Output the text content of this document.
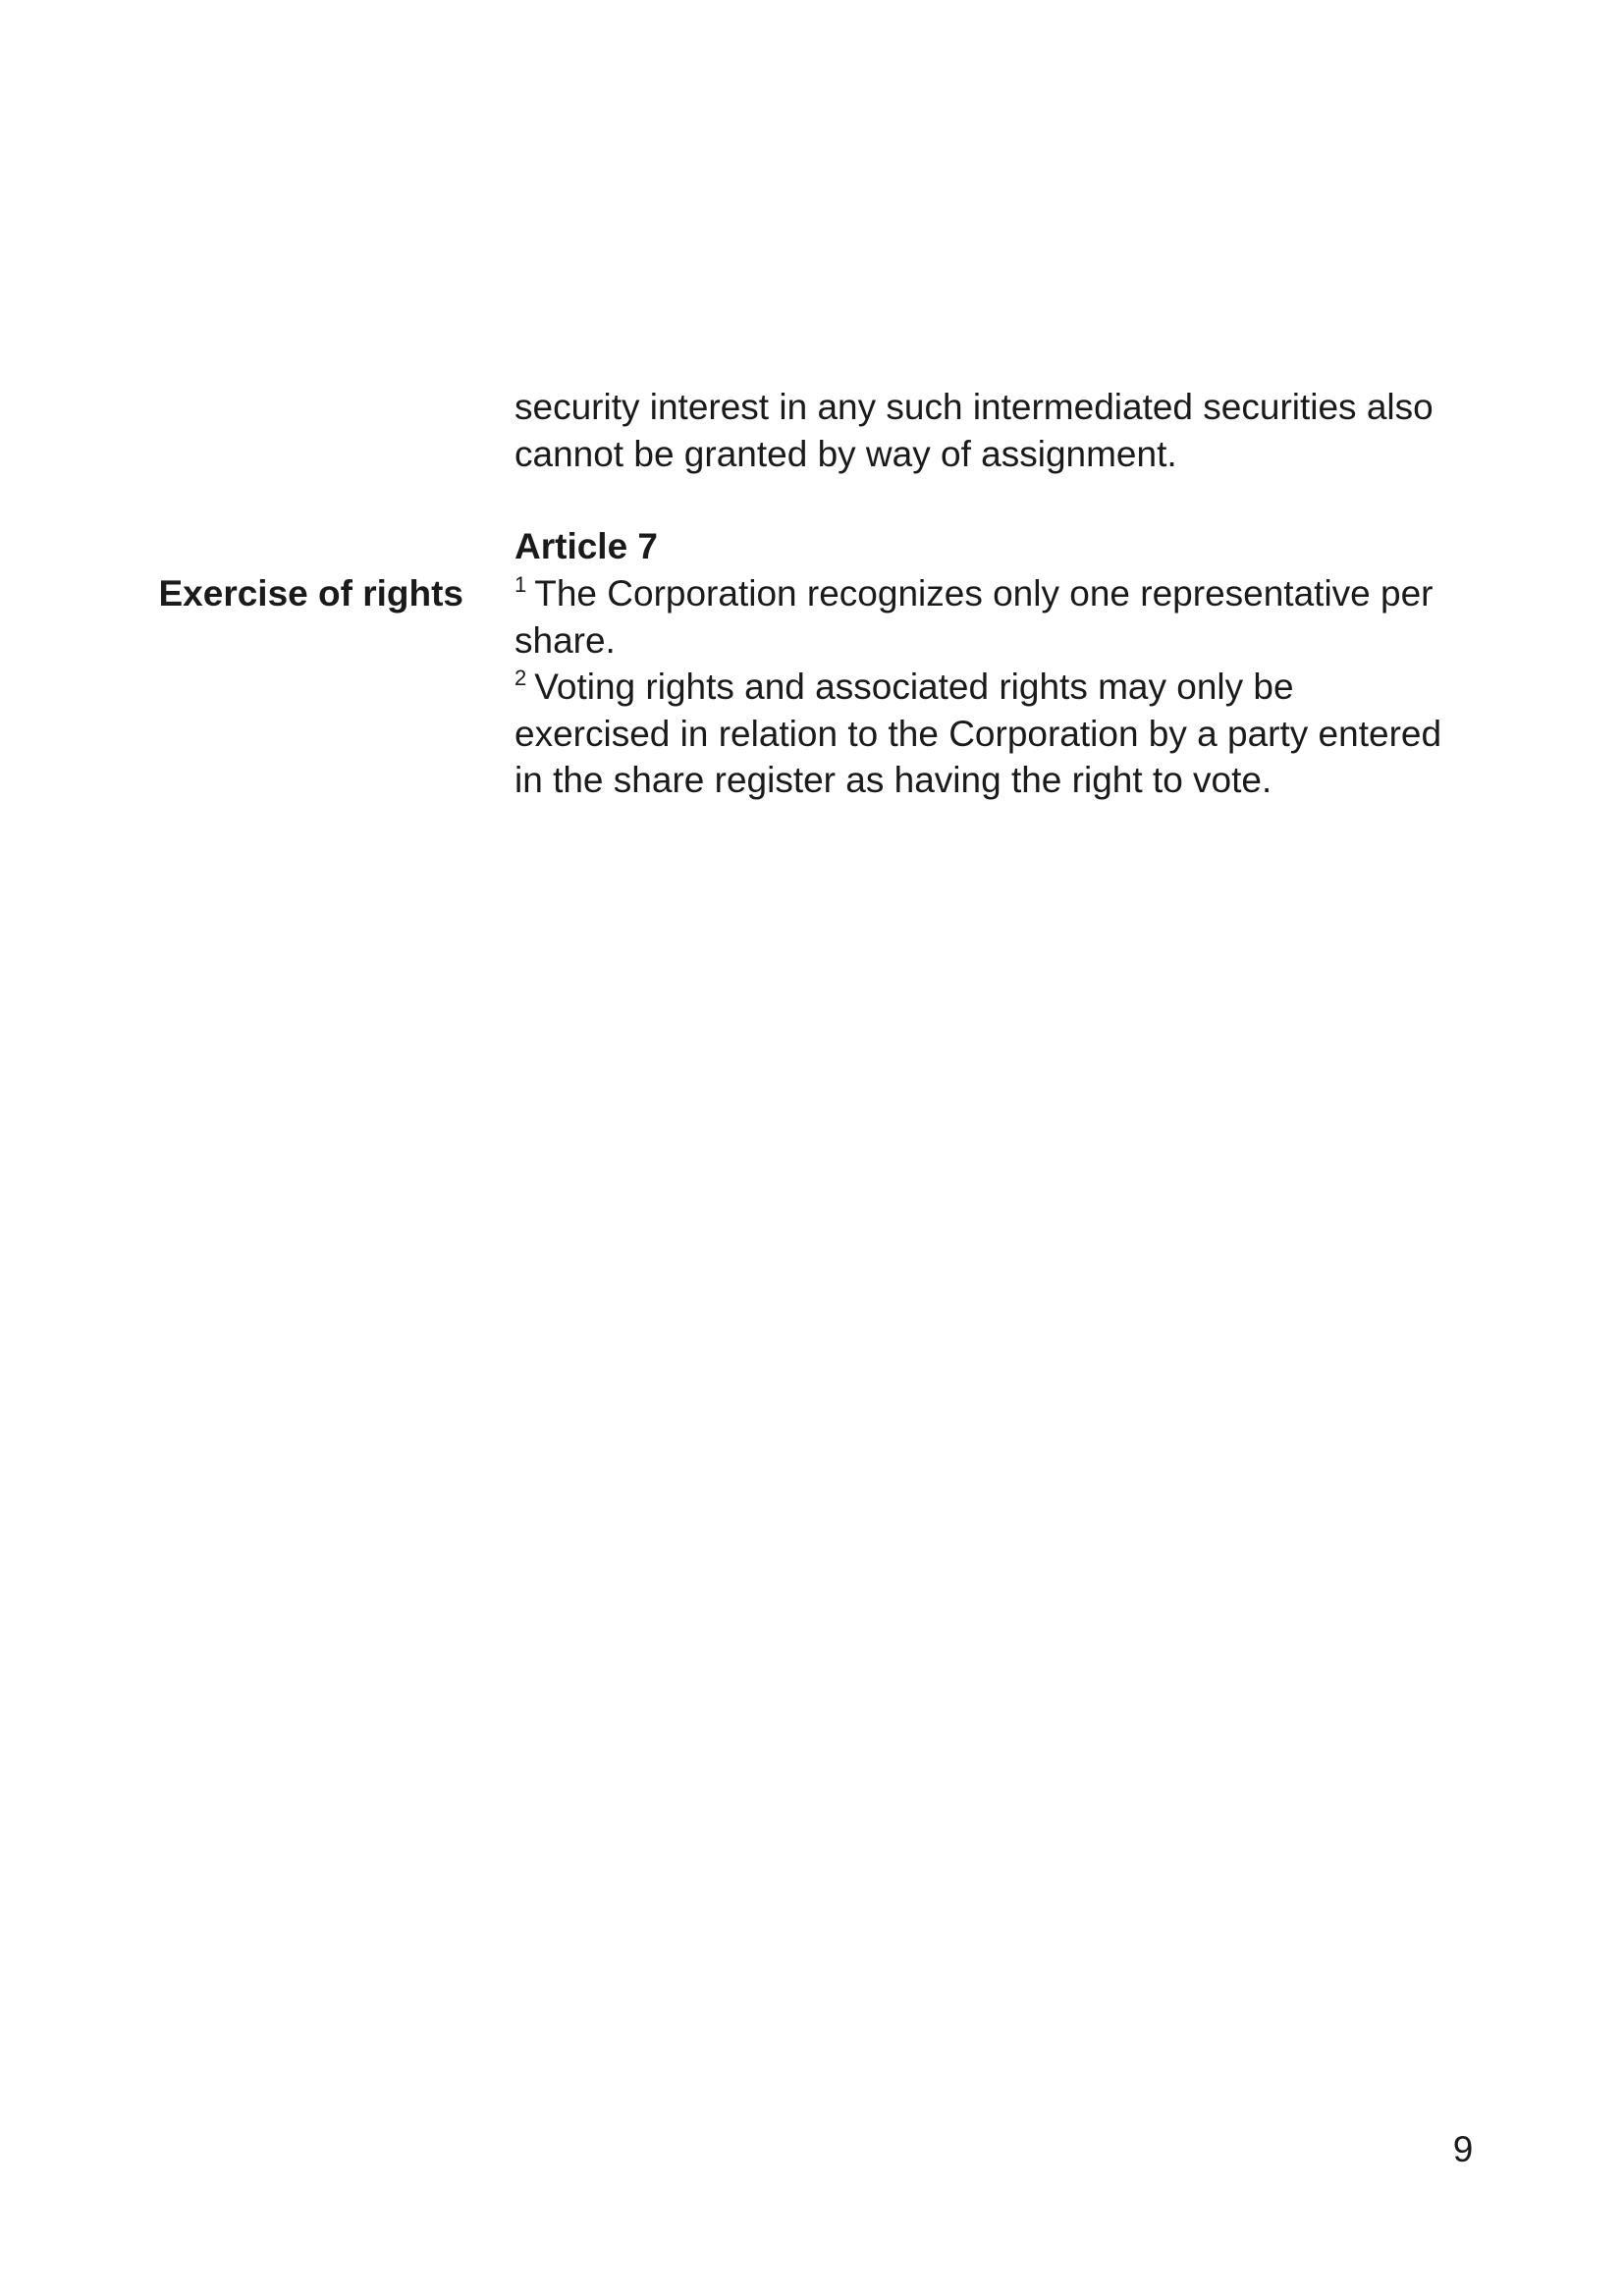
security interest in any such intermediated securities also cannot be granted by way of assignment.
Article 7
Exercise of rights $^1$ The Corporation recognizes only one representative per share.

$^2$ Voting rights and associated rights may only be exercised in relation to the Corporation by a party entered in the share register as having the right to vote.

9
